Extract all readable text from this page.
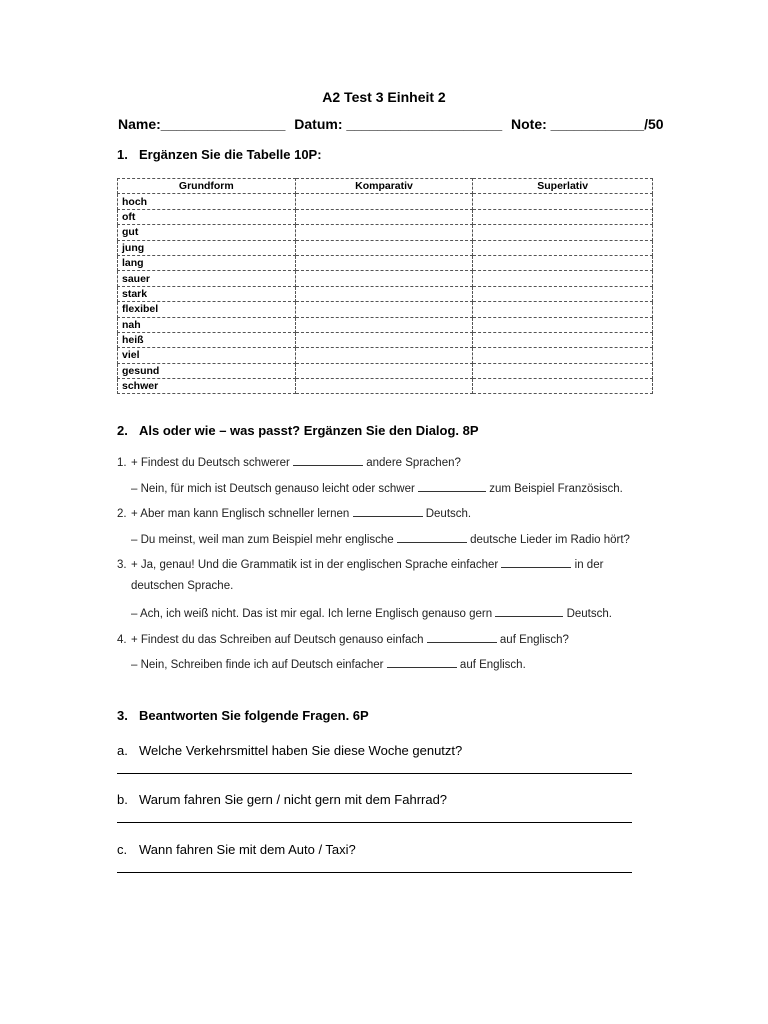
A2 Test 3 Einheit 2
Name:________________ Datum: ____________________ Note: ____________/50
1. Ergänzen Sie die Tabelle 10P:
Grundform	Komparativ	Superlativ
hoch		
oft		
gut		
jung		
lang		
sauer		
stark		
flexibel		
nah		
heiß		
viel		
gesund		
schwer		
2. Als oder wie – was passt? Ergänzen Sie den Dialog. 8P
1. + Findest du Deutsch schwerer	andere Sprachen?
– Nein, für mich ist Deutsch genauso leicht oder schwer	zum Beispiel Französisch.
2. + Aber man kann Englisch schneller lernen	Deutsch.
– Du meinst, weil man zum Beispiel mehr englische	deutsche Lieder im Radio hört?
3. + Ja, genau! Und die Grammatik ist in der englischen Sprache einfacher	in der
deutschen Sprache.
– Ach, ich weiß nicht. Das ist mir egal. Ich lerne Englisch genauso gern	Deutsch.
4. + Findest du das Schreiben auf Deutsch genauso einfach	auf Englisch?
– Nein, Schreiben finde ich auf Deutsch einfacher	auf Englisch.
3. Beantworten Sie folgende Fragen. 6P
a. Welche Verkehrsmittel haben Sie diese Woche genutzt?
b. Warum fahren Sie gern / nicht gern mit dem Fahrrad?
c. Wann fahren Sie mit dem Auto / Taxi?
